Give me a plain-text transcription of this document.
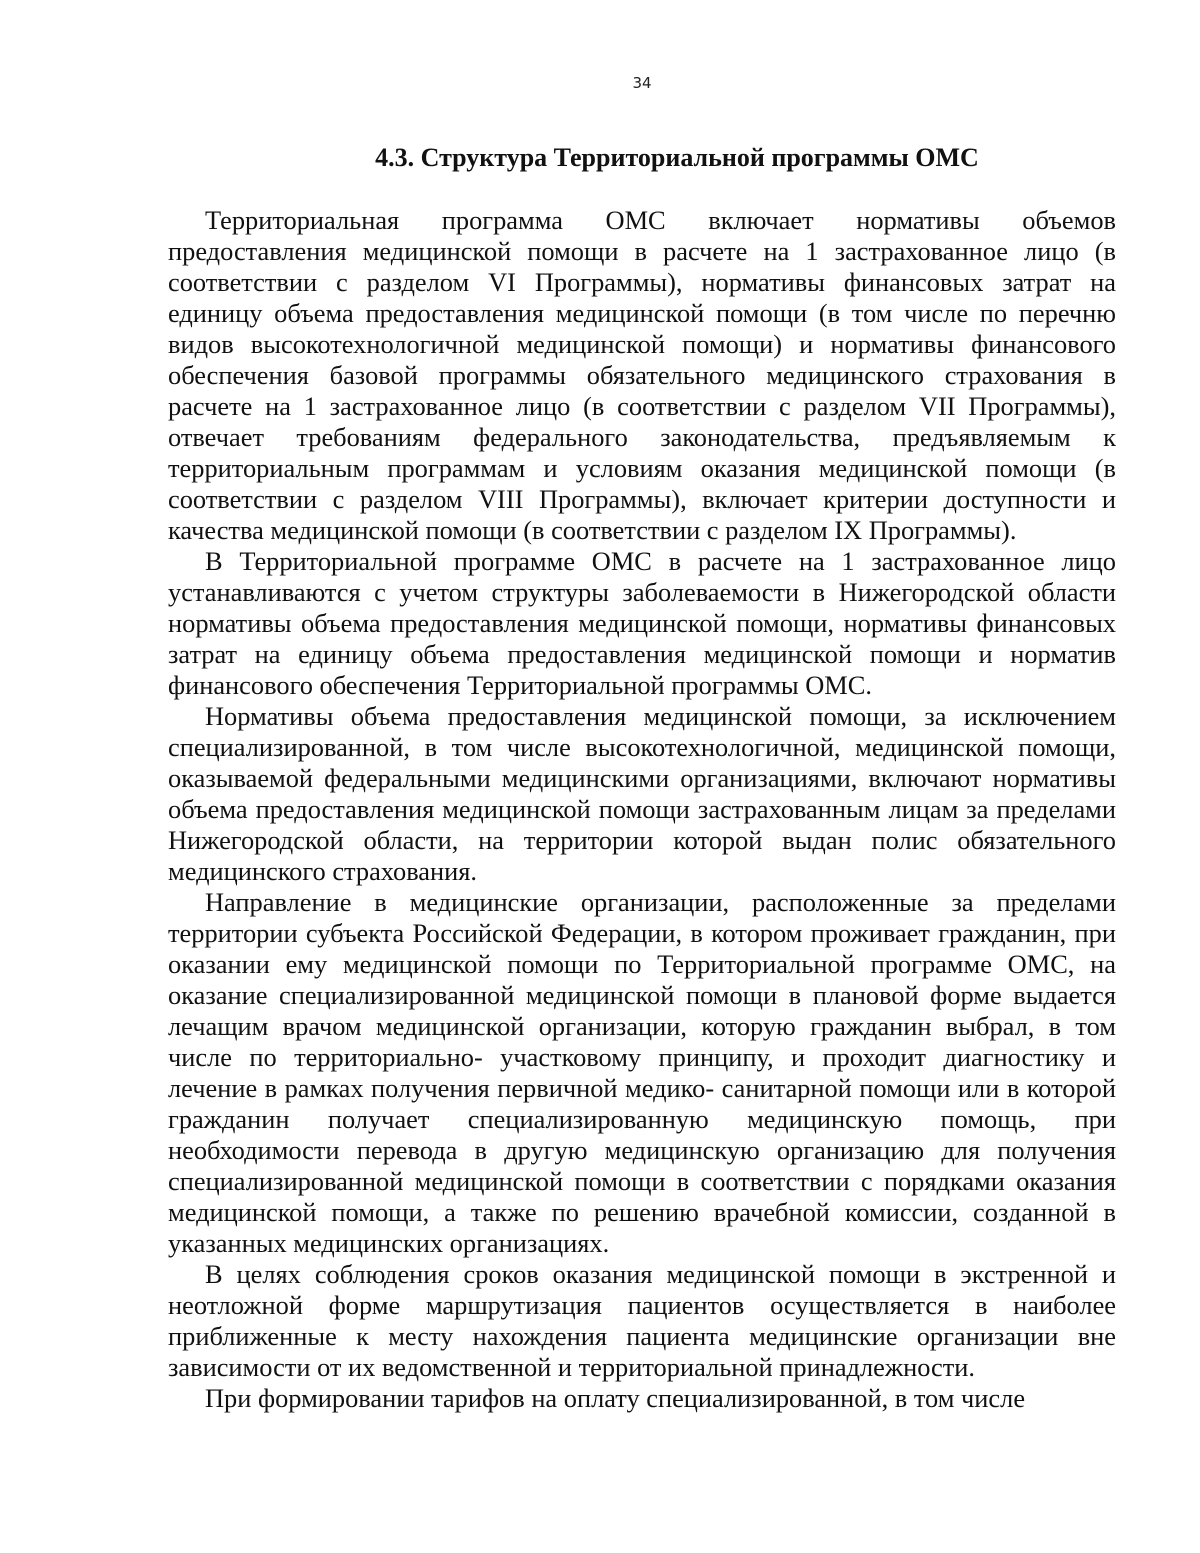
34
4.3. Структура Территориальной программы ОМС

Территориальная программа ОМС включает нормативы объемов предоставления медицинской помощи в расчете на 1 застрахованное лицо (в соответствии с разделом VI Программы), нормативы финансовых затрат на единицу объема предоставления медицинской помощи (в том числе по перечню видов высокотехнологичной медицинской помощи) и нормативы финансового обеспечения базовой программы обязательного медицинского страхования в расчете на 1 застрахованное лицо (в соответствии с разделом VII Программы), отвечает требованиям федерального законодательства, предъявляемым к территориальным программам и условиям оказания медицинской помощи (в соответствии с разделом VIII Программы), включает критерии доступности и качества медицинской помощи (в соответствии с разделом IX Программы).

В Территориальной программе ОМС в расчете на 1 застрахованное лицо устанавливаются с учетом структуры заболеваемости в Нижегородской области нормативы объема предоставления медицинской помощи, нормативы финансовых затрат на единицу объема предоставления медицинской помощи и норматив финансового обеспечения Территориальной программы ОМС.

Нормативы объема предоставления медицинской помощи, за исключением специализированной, в том числе высокотехнологичной, медицинской помощи, оказываемой федеральными медицинскими организациями, включают нормативы объема предоставления медицинской помощи застрахованным лицам за пределами Нижегородской области, на территории которой выдан полис обязательного медицинского страхования.

Направление в медицинские организации, расположенные за пределами территории субъекта Российской Федерации, в котором проживает гражданин, при оказании ему медицинской помощи по Территориальной программе ОМС, на оказание специализированной медицинской помощи в плановой форме выдается лечащим врачом медицинской организации, которую гражданин выбрал, в том числе по территориально- участковому принципу, и проходит диагностику и лечение в рамках получения первичной медико- санитарной помощи или в которой гражданин получает специализированную медицинскую помощь, при необходимости перевода в другую медицинскую организацию для получения специализированной медицинской помощи в соответствии с порядками оказания медицинской помощи, а также по решению врачебной комиссии, созданной в указанных медицинских организациях.

В целях соблюдения сроков оказания медицинской помощи в экстренной и неотложной форме маршрутизация пациентов осуществляется в наиболее приближенные к месту нахождения пациента медицинские организации вне зависимости от их ведомственной и территориальной принадлежности.

При формировании тарифов на оплату специализированной, в том числе
